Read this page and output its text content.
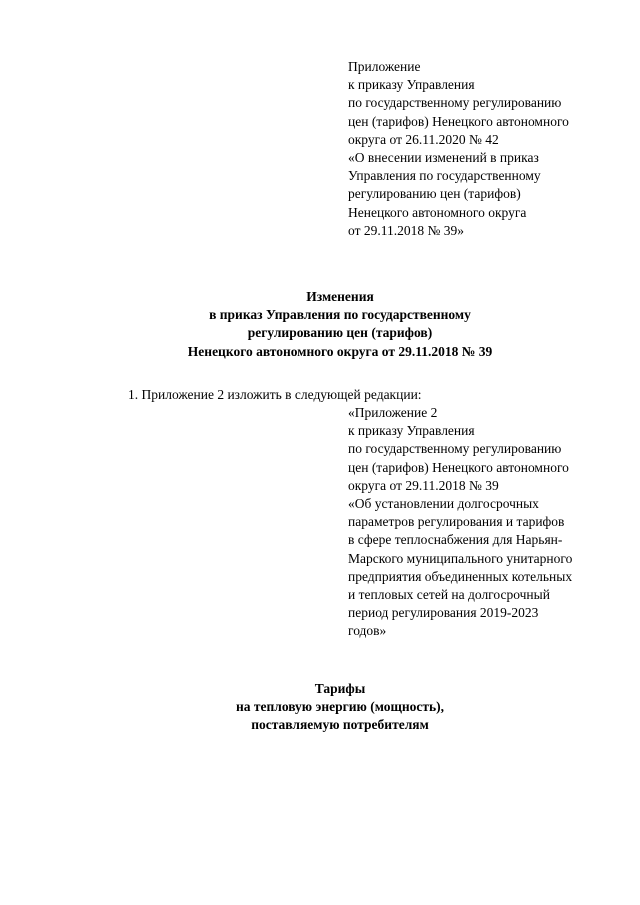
Приложение
к приказу Управления
по государственному регулированию
цен (тарифов) Ненецкого автономного
округа от 26.11.2020 № 42
«О внесении изменений в приказ
Управления по государственному
регулированию цен (тарифов)
Ненецкого автономного округа
от 29.11.2018 № 39»
Изменения
в приказ Управления по государственному
регулированию цен (тарифов)
Ненецкого автономного округа от 29.11.2018 № 39
1. Приложение 2 изложить в следующей редакции:
«Приложение 2
к приказу Управления
по государственному регулированию
цен (тарифов) Ненецкого автономного
округа от 29.11.2018 № 39
«Об установлении долгосрочных
параметров регулирования и тарифов
в сфере теплоснабжения для Нарьян-
Марского муниципального унитарного
предприятия объединенных котельных
и тепловых сетей на долгосрочный
период регулирования 2019-2023
годов»
Тарифы
на тепловую энергию (мощность),
поставляемую потребителям
